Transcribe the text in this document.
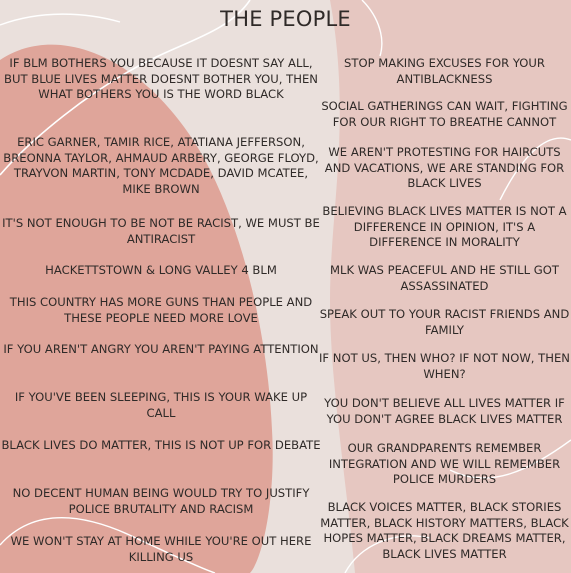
THE PEOPLE
IF BLM BOTHERS YOU BECAUSE IT DOESNT SAY ALL, BUT BLUE LIVES MATTER DOESNT BOTHER YOU, THEN WHAT BOTHERS YOU IS THE WORD BLACK
ERIC GARNER, TAMIR RICE, ATATIANA JEFFERSON, BREONNA TAYLOR, AHMAUD ARBERY, GEORGE FLOYD, TRAYVON MARTIN, TONY MCDADE, DAVID MCATEE, MIKE BROWN
IT'S NOT ENOUGH TO BE NOT BE RACIST, WE MUST BE ANTIRACIST
HACKETTSTOWN & LONG VALLEY 4 BLM
THIS COUNTRY HAS MORE GUNS THAN PEOPLE AND THESE PEOPLE NEED MORE LOVE
IF YOU AREN'T ANGRY YOU AREN'T PAYING ATTENTION
IF YOU'VE BEEN SLEEPING, THIS IS YOUR WAKE UP CALL
BLACK LIVES DO MATTER, THIS IS NOT UP FOR DEBATE
NO DECENT HUMAN BEING WOULD TRY TO JUSTIFY POLICE BRUTALITY AND RACISM
WE WON'T STAY AT HOME WHILE YOU'RE OUT HERE KILLING US
STOP MAKING EXCUSES FOR YOUR ANTIBLACKNESS
SOCIAL GATHERINGS CAN WAIT, FIGHTING FOR OUR RIGHT TO BREATHE CANNOT
WE AREN'T PROTESTING FOR HAIRCUTS AND VACATIONS, WE ARE STANDING FOR BLACK LIVES
BELIEVING BLACK LIVES MATTER IS NOT A DIFFERENCE IN OPINION, IT'S A DIFFERENCE IN MORALITY
MLK WAS PEACEFUL AND HE STILL GOT ASSASSINATED
SPEAK OUT TO YOUR RACIST FRIENDS AND FAMILY
IF NOT US, THEN WHO? IF NOT NOW, THEN WHEN?
YOU DON'T BELIEVE ALL LIVES MATTER IF YOU DON'T AGREE BLACK LIVES MATTER
OUR GRANDPARENTS REMEMBER INTEGRATION AND WE WILL REMEMBER POLICE MURDERS
BLACK VOICES MATTER, BLACK STORIES MATTER, BLACK HISTORY MATTERS, BLACK HOPES MATTER, BLACK DREAMS MATTER, BLACK LIVES MATTER
